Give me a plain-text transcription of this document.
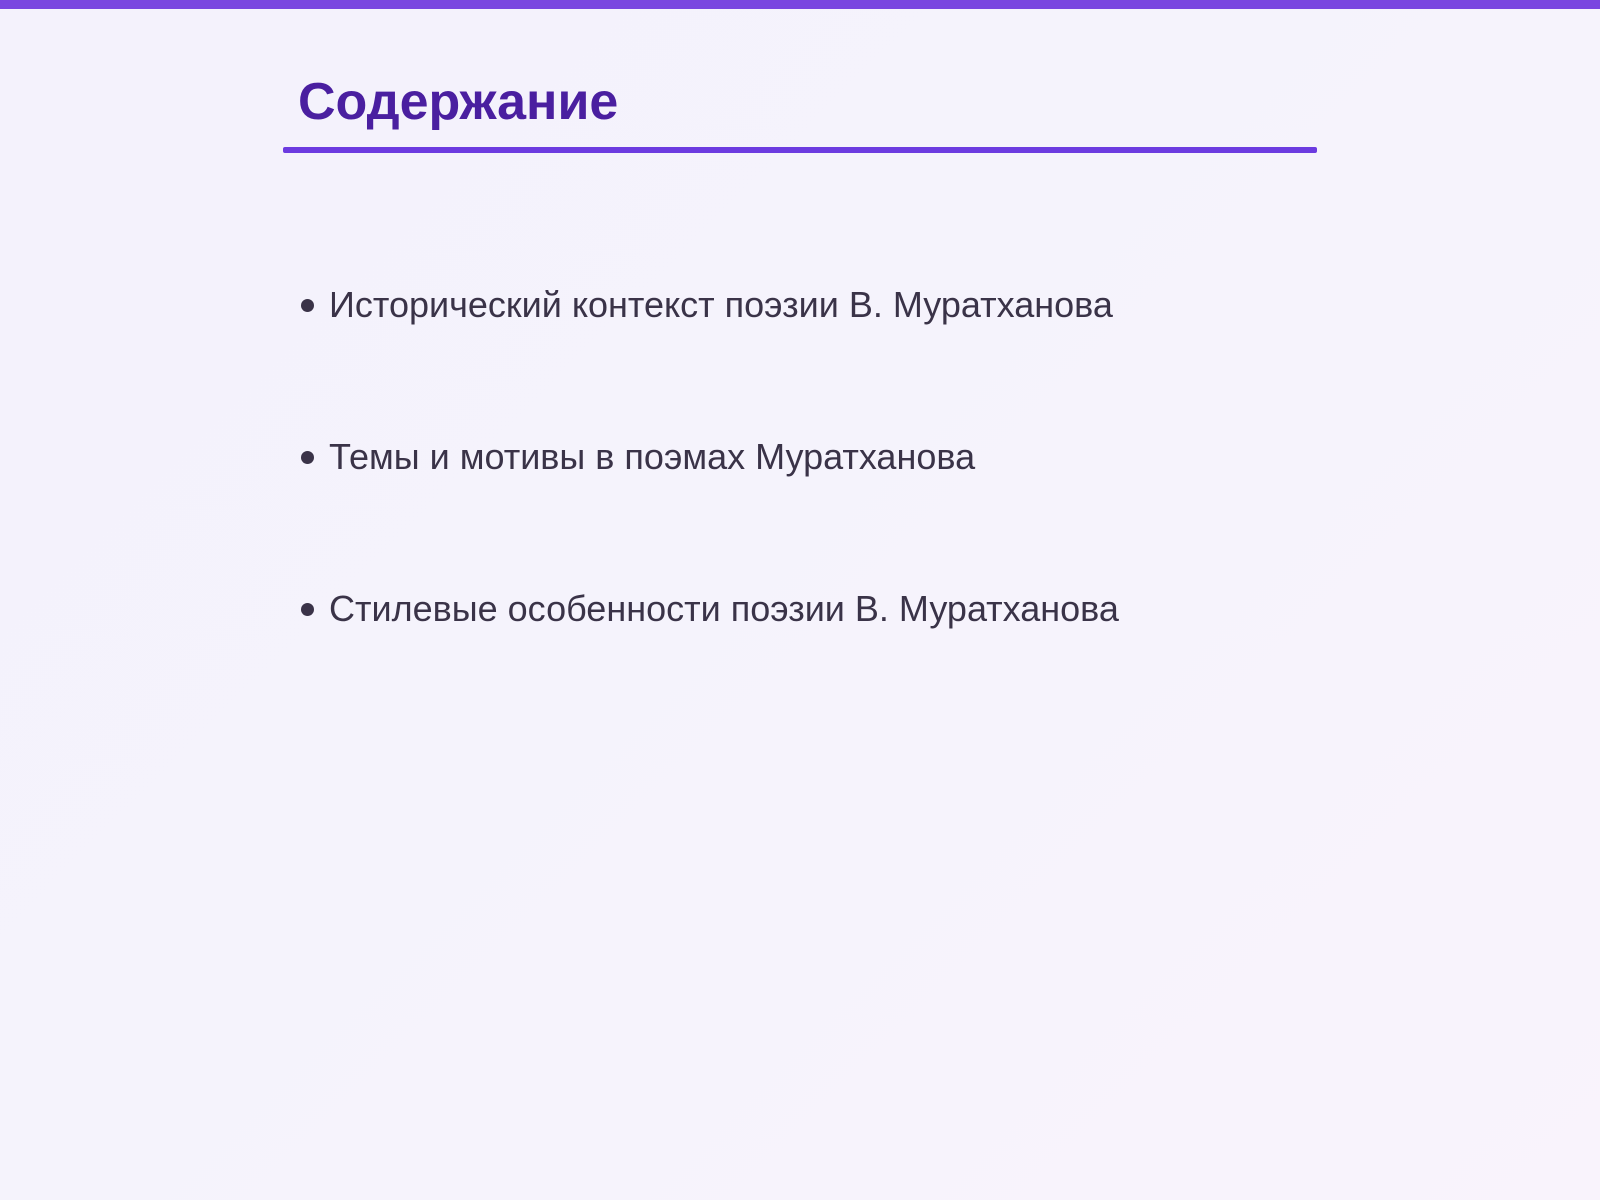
Содержание
Исторический контекст поэзии В. Муратханова
Темы и мотивы в поэмах Муратханова
Стилевые особенности поэзии В. Муратханова
